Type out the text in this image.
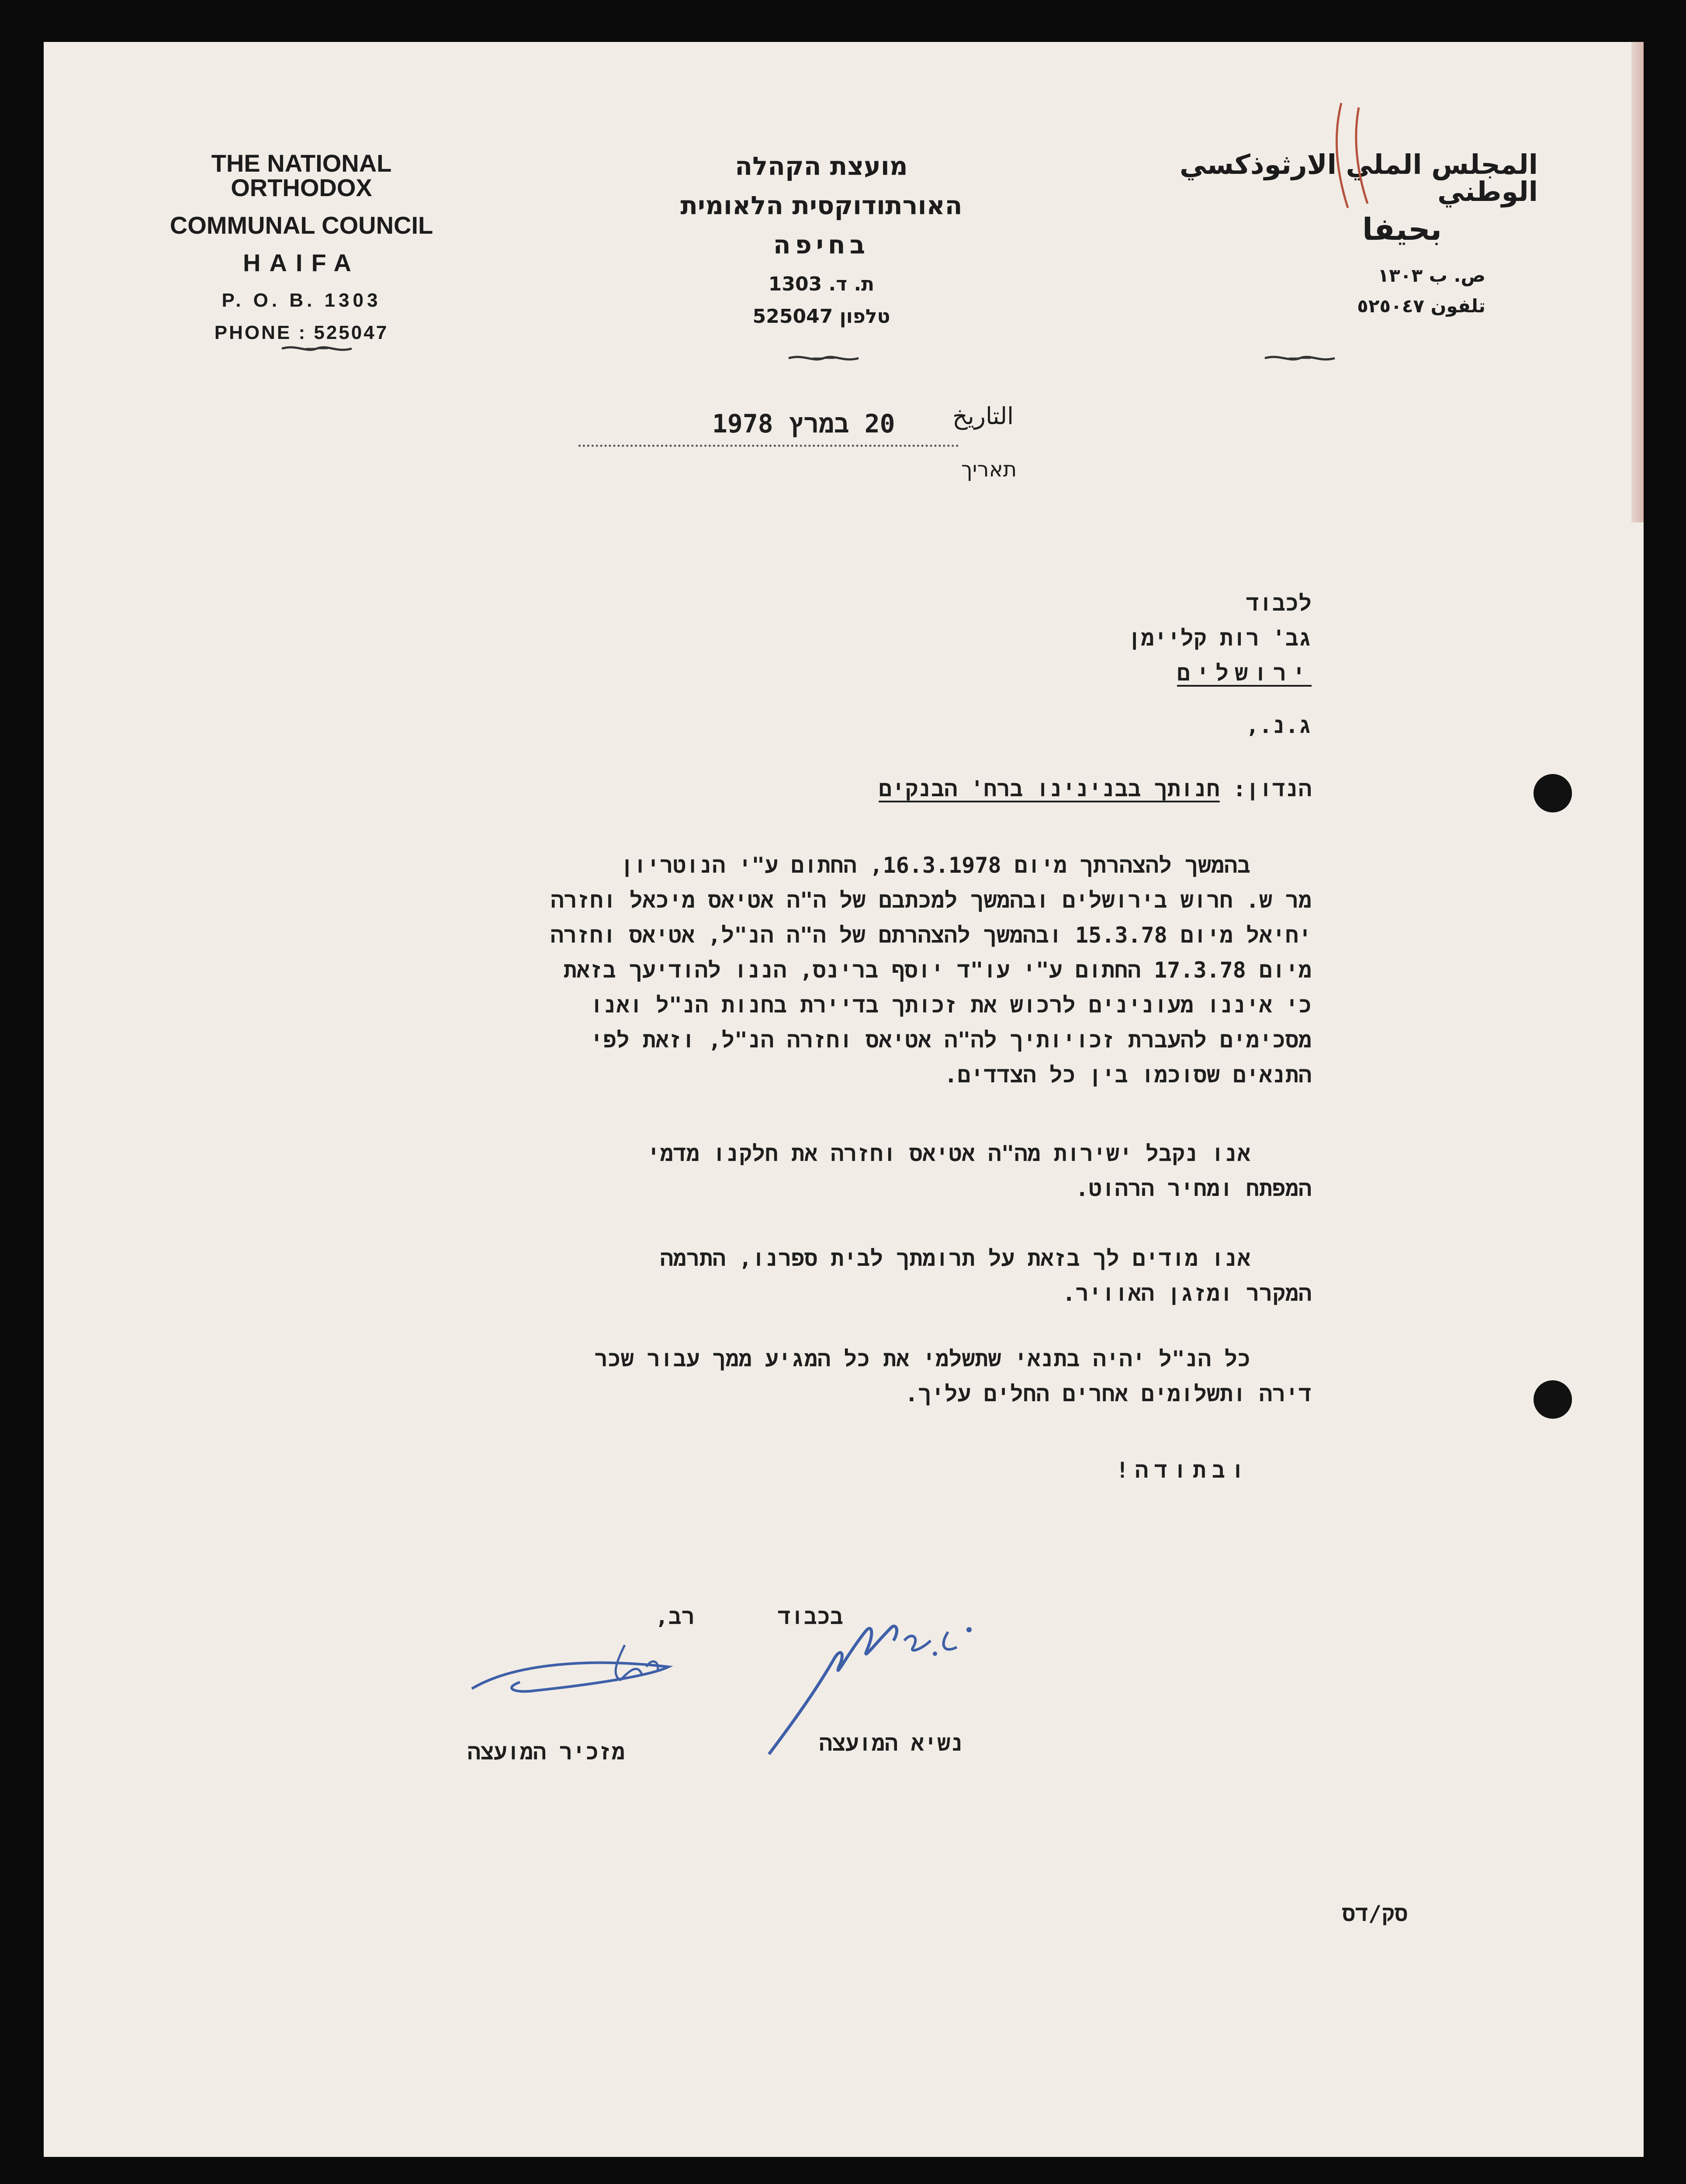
THE NATIONAL ORTHODOX
COMMUNAL COUNCIL
HAIFA
P. O. B. 1303
PHONE : 525047
מועצת הקהלה
האורתודוקסית הלאומית
בחיפה
ת. ד. 1303
טלפון 525047
المجلس الملي الارثوذكسي الوطني
بحيفا
ص. ب ١٣٠٣
تلفون ٥٢٥٠٤٧
التاريخ
20 במרץ 1978
תאריך
לכבוד
גב' רות קליימן
ירושלים
ג.נ.,
הנדון: חנותך בבנינינו ברח' הבנקים
בהמשך להצהרתך מיום 16.3.1978, החתום ע"י הנוטריון
מר ש. חרוש בירושלים ובהמשך למכתבם של ה"ה אטיאס מיכאל וחזרה
יחיאל מיום 15.3.78 ובהמשך להצהרתם של ה"ה הנ"ל, אטיאס וחזרה
מיום 17.3.78 החתום ע"י עו"ד יוסף ברינס, הננו להודיעך בזאת
כי איננו מעונינים לרכוש את זכותך בדיירת בחנות הנ"ל ואנו
מסכימים להעברת זכויותיך לה"ה אטיאס וחזרה הנ"ל, וזאת לפי
התנאים שסוכמו בין כל הצדדים.
אנו נקבל ישירות מה"ה אטיאס וחזרה את חלקנו מדמי
המפתח ומחיר הרהוט.
אנו מודים לך בזאת על תרומתך לבית ספרנו, התרמה
המקרר ומזגן האוויר.
כל הנ"ל יהיה בתנאי שתשלמי את כל המגיע ממך עבור שכר
דירה ותשלומים אחרים החלים עליך.
ובתודה!
בכבוד רב,
מזכיר המועצה	נשיא המועצה
סק/דס
